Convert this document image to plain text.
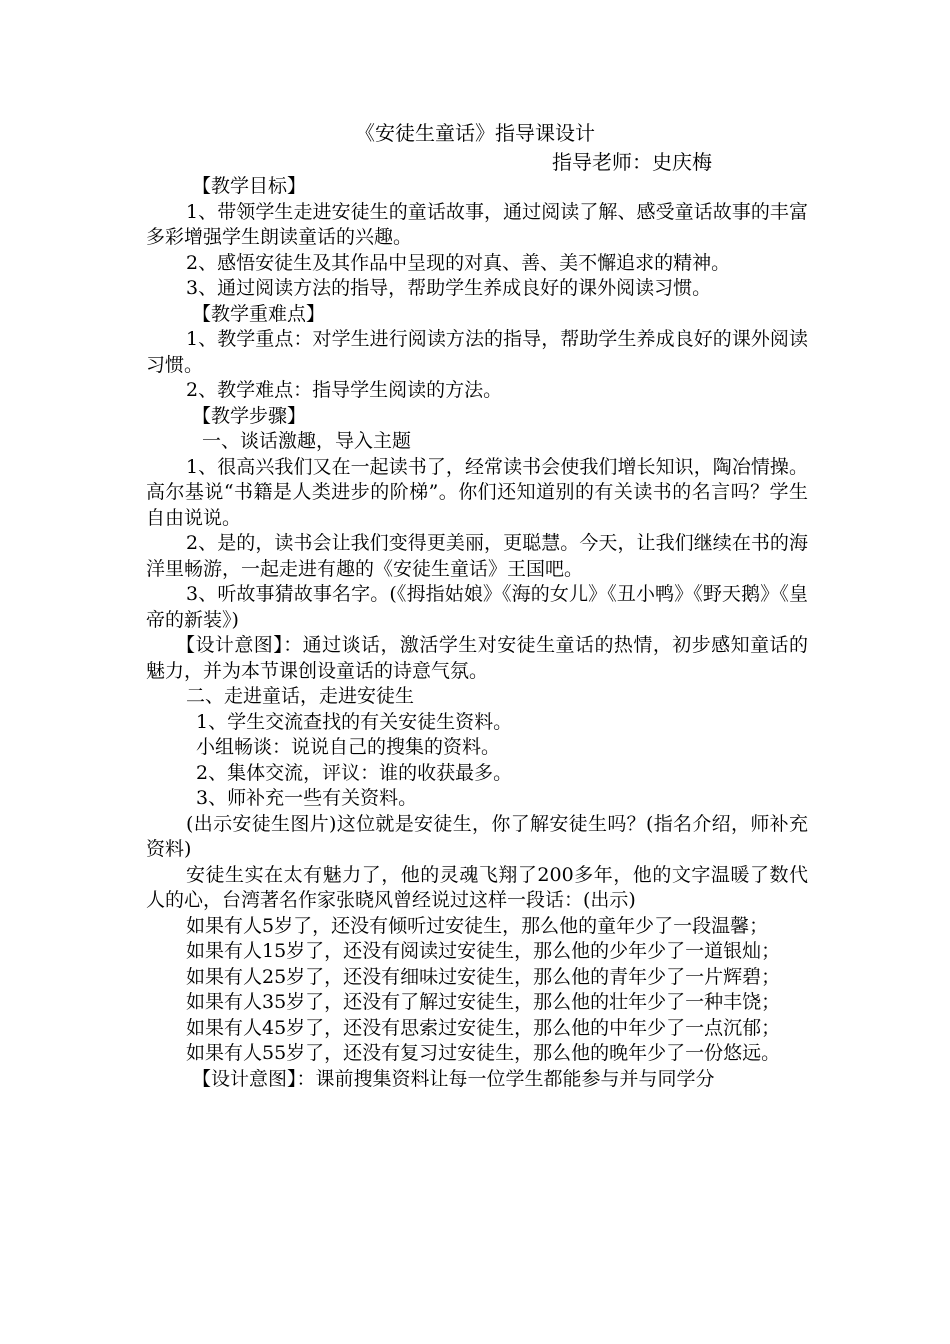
《安徒生童话》指导课设计
指导老师：史庆梅

【教学目标】

1、带领学生走进安徒生的童话故事，通过阅读了解、感受童话故事的丰富多彩增强学生朗读童话的兴趣。

2、感悟安徒生及其作品中呈现的对真、善、美不懈追求的精神。

3、通过阅读方法的指导，帮助学生养成良好的课外阅读习惯。

【教学重难点】

1、教学重点：对学生进行阅读方法的指导，帮助学生养成良好的课外阅读习惯。

2、教学难点：指导学生阅读的方法。

【教学步骤】

一、谈话激趣，导入主题

1、很高兴我们又在一起读书了，经常读书会使我们增长知识，陶冶情操。高尔基说“书籍是人类进步的阶梯”。你们还知道别的有关读书的名言吗？学生自由说说。

2、是的，读书会让我们变得更美丽，更聪慧。今天，让我们继续在书的海洋里畅游，一起走进有趣的《安徒生童话》王国吧。

3、听故事猜故事名字。(《拇指姑娘》《海的女儿》《丑小鸭》《野天鹅》《皇帝的新装》)

【设计意图】：通过谈话，激活学生对安徒生童话的热情，初步感知童话的魅力，并为本节课创设童话的诗意气氛。

二、走进童话，走进安徒生

1、学生交流查找的有关安徒生资料。

小组畅谈：说说自己的搜集的资料。

2、集体交流，评议：谁的收获最多。

3、师补充一些有关资料。

(出示安徒生图片)这位就是安徒生，你了解安徒生吗？(指名介绍，师补充资料)

安徒生实在太有魅力了，他的灵魂飞翔了200多年，他的文字温暖了数代人的心，台湾著名作家张晓风曾经说过这样一段话：(出示)

如果有人5岁了，还没有倾听过安徒生，那么他的童年少了一段温馨；

如果有人15岁了，还没有阅读过安徒生，那么他的少年少了一道银灿；

如果有人25岁了，还没有细味过安徒生，那么他的青年少了一片辉碧；

如果有人35岁了，还没有了解过安徒生，那么他的壮年少了一种丰饶；

如果有人45岁了，还没有思索过安徒生，那么他的中年少了一点沉郁；

如果有人55岁了，还没有复习过安徒生，那么他的晚年少了一份悠远。

【设计意图】：课前搜集资料让每一位学生都能参与并与同学分
